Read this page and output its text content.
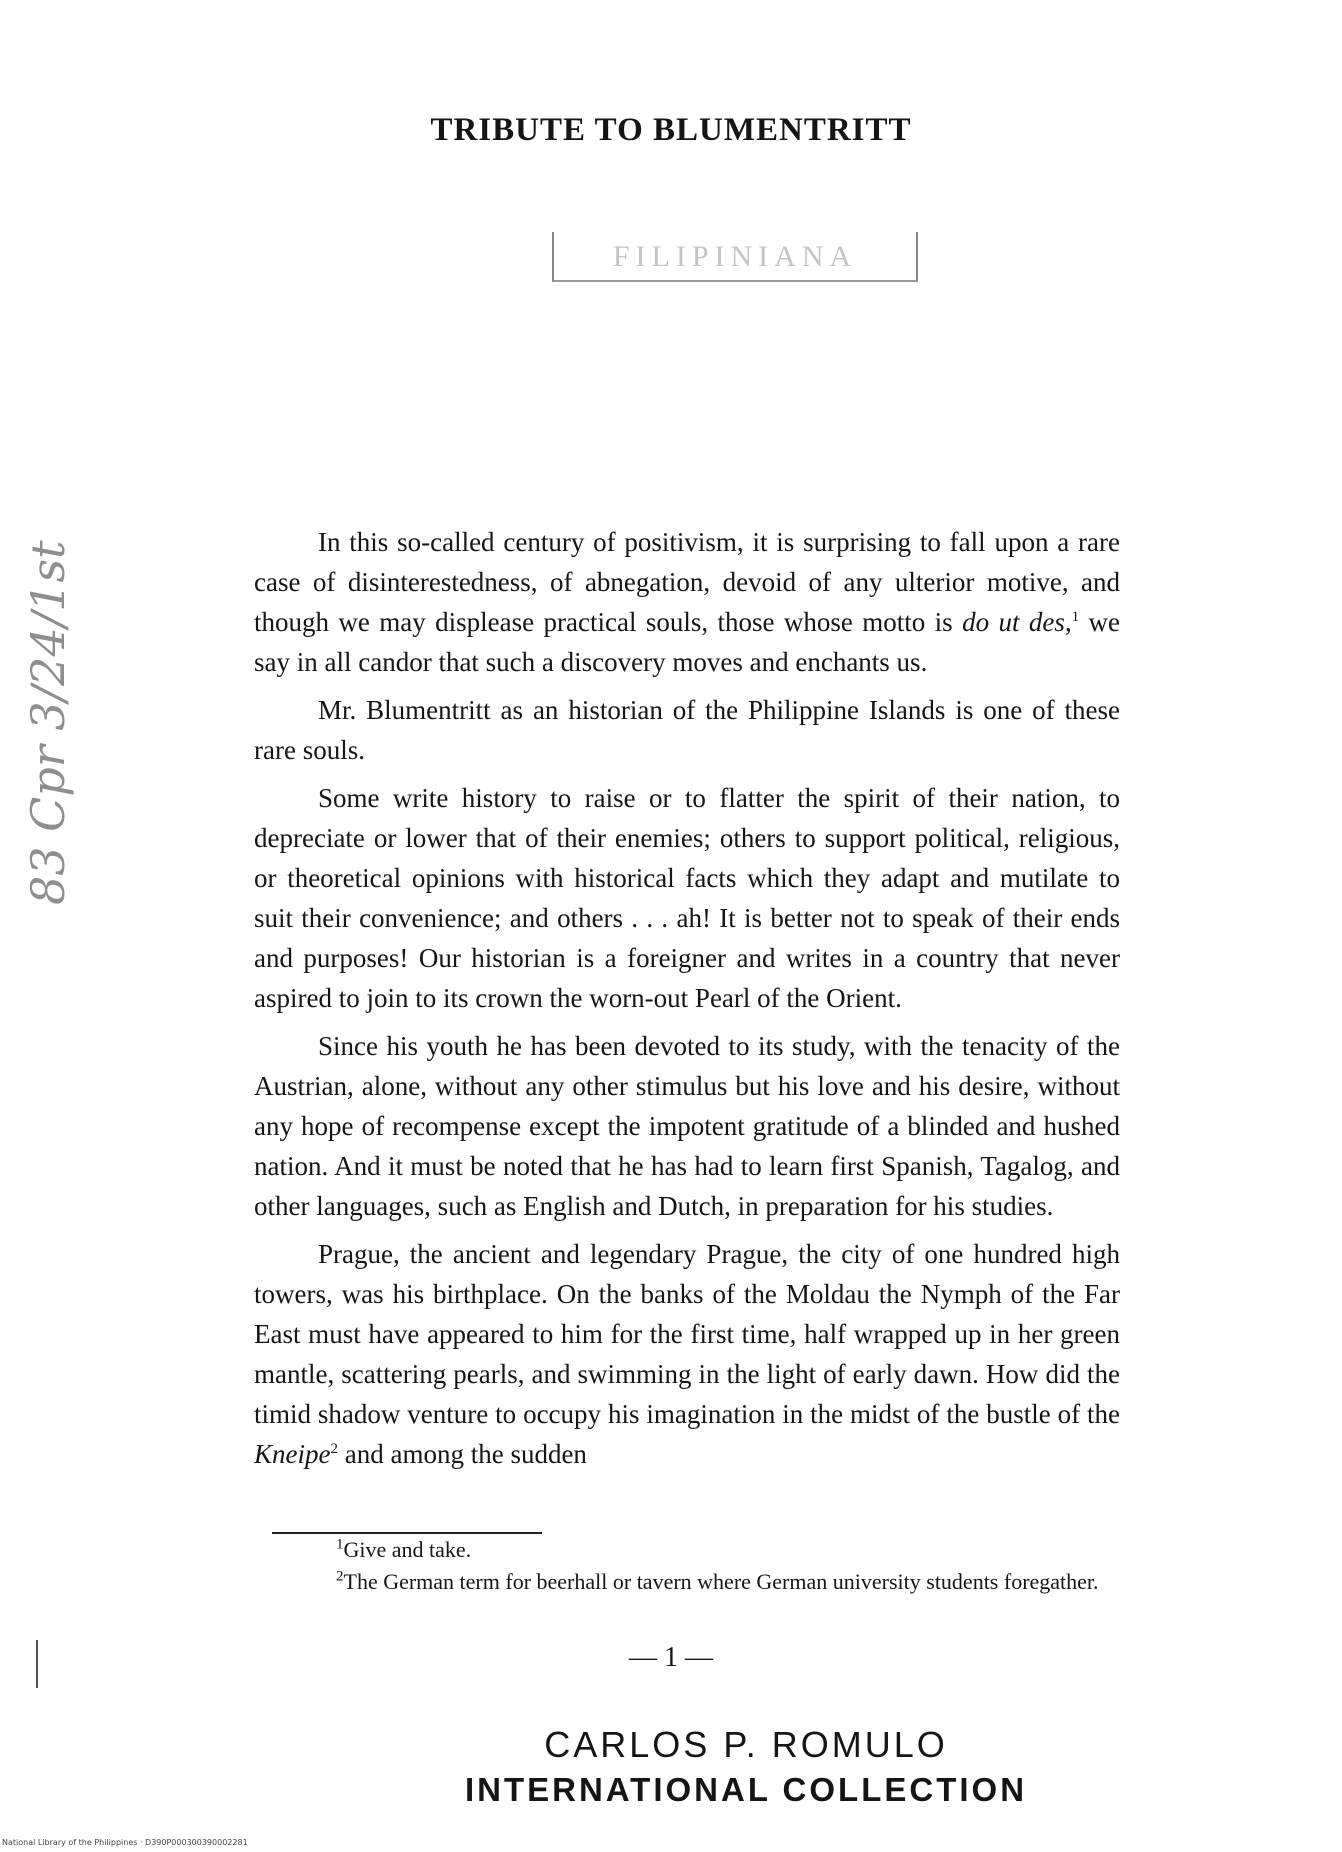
TRIBUTE TO BLUMENTRITT
FILIPINIANA
83 Cpr 3/24/1st	In this so-called century of positivism, it is surprising to fall upon a rare case of disinterestedness, of abnegation, devoid of any ulterior motive, and though we may displease practical souls, those whose motto is do ut des,$^1$ we say in all candor that such a discovery moves and enchants us.

Mr. Blumentritt as an historian of the Philippine Islands is one of these rare souls.

Some write history to raise or to flatter the spirit of their nation, to depreciate or lower that of their enemies; others to support political, religious, or theoretical opinions with historical facts which they adapt and mutilate to suit their convenience; and others . . . ah! It is better not to speak of their ends and purposes! Our historian is a foreigner and writes in a country that never aspired to join to its crown the worn-out Pearl of the Orient.

Since his youth he has been devoted to its study, with the tenacity of the Austrian, alone, without any other stimulus but his love and his desire, without any hope of recompense except the impotent gratitude of a blinded and hushed nation. And it must be noted that he has had to learn first Spanish, Tagalog, and other languages, such as English and Dutch, in preparation for his studies.

Prague, the ancient and legendary Prague, the city of one hundred high towers, was his birthplace. On the banks of the Moldau the Nymph of the Far East must have appeared to him for the first time, half wrapped up in her green mantle, scattering pearls, and swimming in the light of early dawn. How did the timid shadow venture to occupy his imagination in the midst of the bustle of the Kneipe$^2$ and among the sudden

$^1$Give and take.

$^2$The German term for beerhall or tavern where German university students foregather.

— 1 —
CARLOS P. ROMULO
INTERNATIONAL COLLECTION
National Library of the Philippines · D390P000300390002281
